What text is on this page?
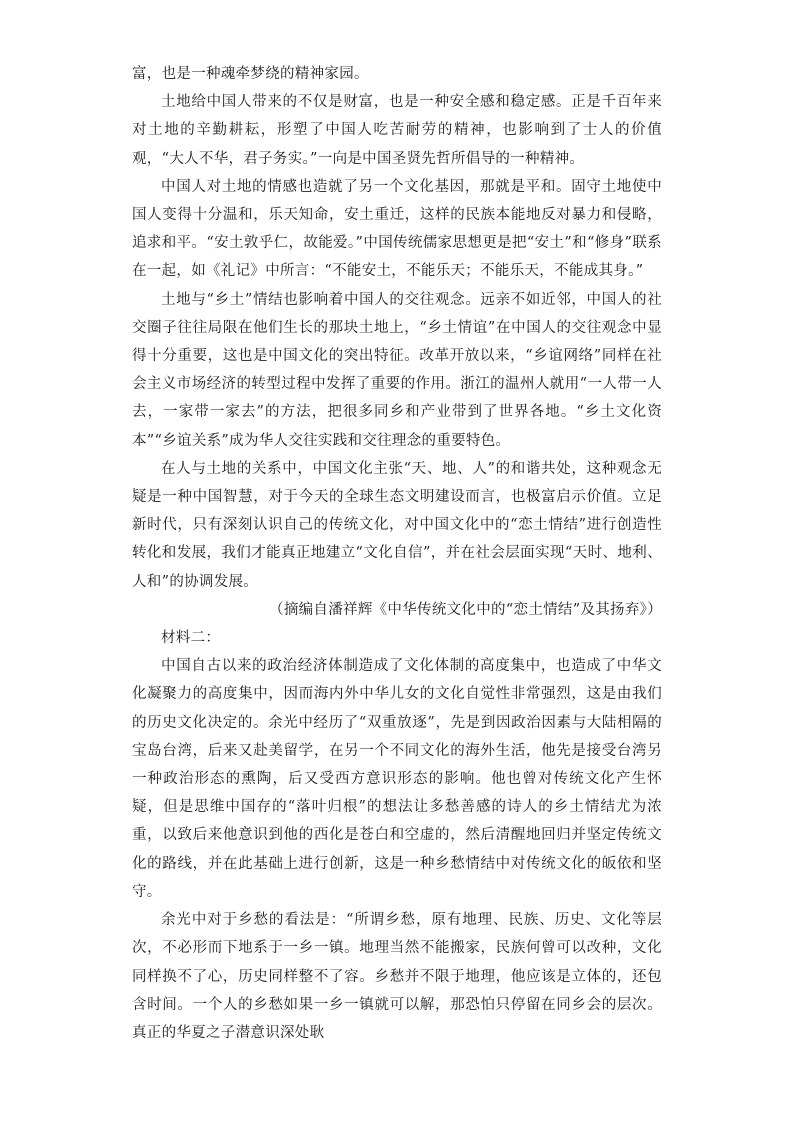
富，也是一种魂牵梦绕的精神家园。

土地给中国人带来的不仅是财富，也是一种安全感和稳定感。正是千百年来对土地的辛勤耕耘，形塑了中国人吃苦耐劳的精神，也影响到了士人的价值观，“大人不华，君子务实。”一向是中国圣贤先哲所倡导的一种精神。

中国人对土地的情感也造就了另一个文化基因，那就是平和。固守土地使中国人变得十分温和，乐天知命，安土重迁，这样的民族本能地反对暴力和侵略，追求和平。“安土敦乎仁，故能爱。”中国传统儒家思想更是把“安土”和“修身”联系在一起，如《礼记》中所言：“不能安土，不能乐天；不能乐天，不能成其身。”

土地与“乡土”情结也影响着中国人的交往观念。远亲不如近邻，中国人的社交圈子往往局限在他们生长的那块土地上，“乡土情谊”在中国人的交往观念中显得十分重要，这也是中国文化的突出特征。改革开放以来，“乡谊网络”同样在社会主义市场经济的转型过程中发挥了重要的作用。浙江的温州人就用“一人带一人去，一家带一家去”的方法，把很多同乡和产业带到了世界各地。“乡土文化资本”“乡谊关系”成为华人交往实践和交往理念的重要特色。

在人与土地的关系中，中国文化主张“天、地、人”的和谐共处，这种观念无疑是一种中国智慧，对于今天的全球生态文明建设而言，也极富启示价值。立足新时代，只有深刻认识自己的传统文化，对中国文化中的“恋土情结”进行创造性转化和发展，我们才能真正地建立“文化自信”，并在社会层面实现“天时、地利、人和”的协调发展。

（摘编自潘祥辉《中华传统文化中的“恋土情结”及其扬弃》）

材料二：

中国自古以来的政治经济体制造成了文化体制的高度集中，也造成了中华文化凝聚力的高度集中，因而海内外中华儿女的文化自觉性非常强烈，这是由我们的历史文化决定的。余光中经历了“双重放逐”，先是到因政治因素与大陆相隔的宝岛台湾，后来又赴美留学，在另一个不同文化的海外生活，他先是接受台湾另一种政治形态的熏陶，后又受西方意识形态的影响。他也曾对传统文化产生怀疑，但是思维中国存的“落叶归根”的想法让多愁善感的诗人的乡土情结尤为浓重，以致后来他意识到他的西化是苍白和空虚的，然后清醒地回归并坚定传统文化的路线，并在此基础上进行创新，这是一种乡愁情结中对传统文化的皈依和坚守。

余光中对于乡愁的看法是：“所谓乡愁，原有地理、民族、历史、文化等层次，不必形而下地系于一乡一镇。地理当然不能搬家，民族何曾可以改种，文化同样换不了心，历史同样整不了容。乡愁并不限于地理，他应该是立体的，还包含时间。一个人的乡愁如果一乡一镇就可以解，那恐怕只停留在同乡会的层次。真正的华夏之子潜意识深处耿
